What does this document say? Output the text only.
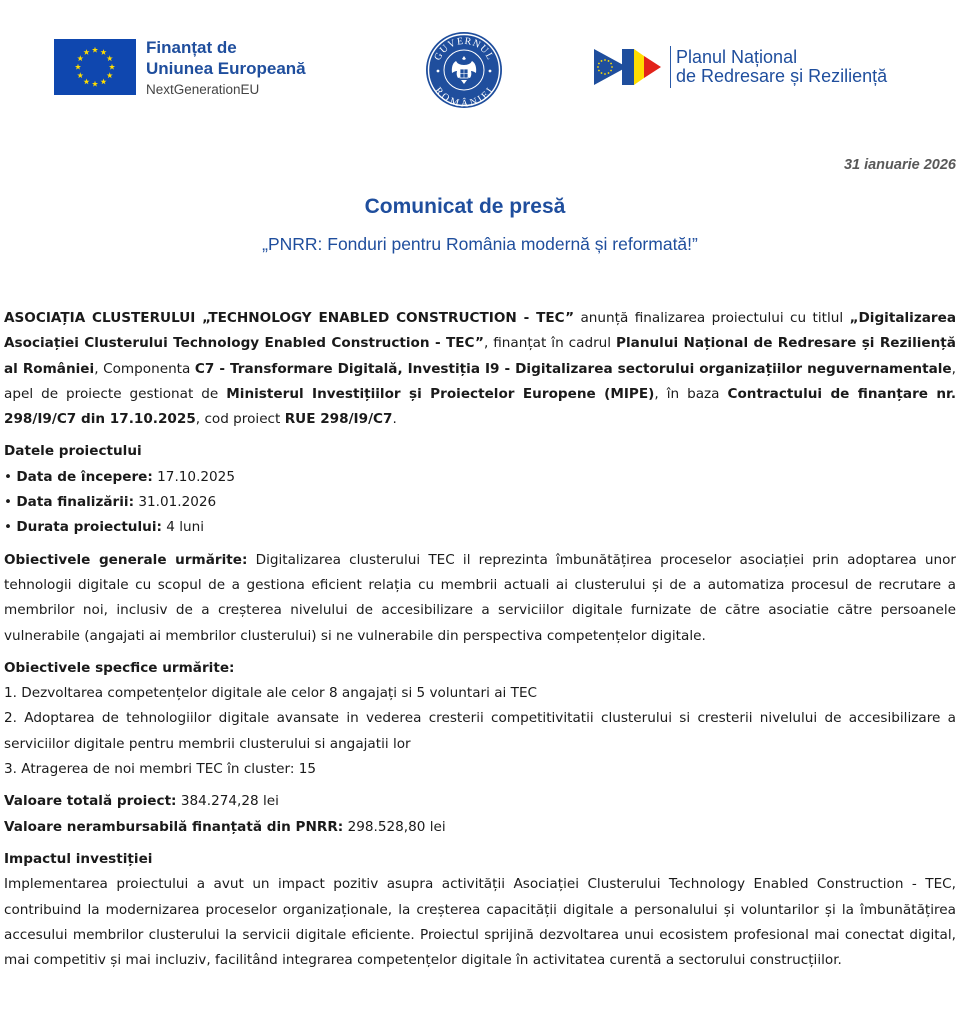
Finanțat de
Uniunea Europeană
NextGenerationEU
GUVERNUL
ROMÂNIEI
Planul Național
de Redresare și Reziliență
31 ianuarie 2026
Comunicat de presă
„PNRR: Fonduri pentru România modernă și reformată!”

ASOCIAȚIA CLUSTERULUI „TECHNOLOGY ENABLED CONSTRUCTION - TEC” anunță finalizarea proiectului cu titlul „Digitalizarea Asociației Clusterului Technology Enabled Construction - TEC”, finanțat în cadrul Planului Național de Redresare și Reziliență al României, Componenta C7 - Transformare Digitală, Investiția I9 - Digitalizarea sectorului organizațiilor neguvernamentale, apel de proiecte gestionat de Ministerul Investițiilor și Proiectelor Europene (MIPE), în baza Contractului de finanțare nr. 298/I9/C7 din 17.10.2025, cod proiect RUE 298/I9/C7.

Datele proiectului

• Data de începere: 17.10.2025

• Data finalizării: 31.01.2026

• Durata proiectului: 4 luni

Obiectivele generale urmărite: Digitalizarea clusterului TEC il reprezinta îmbunătățirea proceselor asociației prin adoptarea unor tehnologii digitale cu scopul de a gestiona eficient relația cu membrii actuali ai clusterului și de a automatiza procesul de recrutare a membrilor noi, inclusiv de a creșterea nivelului de accesibilizare a serviciilor digitale furnizate de către asociatie către persoanele vulnerabile (angajati ai membrilor clusterului) si ne vulnerabile din perspectiva competențelor digitale.

Obiectivele specfice urmărite:

1. Dezvoltarea competențelor digitale ale celor 8 angajați si 5 voluntari ai TEC

2. Adoptarea de tehnologiilor digitale avansate in vederea cresterii competitivitatii clusterului si cresterii nivelului de accesibilizare a serviciilor digitale pentru membrii clusterului si angajatii lor

3. Atragerea de noi membri TEC în cluster: 15

Valoare totală proiect: 384.274,28 lei

Valoare nerambursabilă finanțată din PNRR: 298.528,80 lei

Impactul investiției

Implementarea proiectului a avut un impact pozitiv asupra activității Asociației Clusterului Technology Enabled Construction - TEC, contribuind la modernizarea proceselor organizaționale, la creșterea capacității digitale a personalului și voluntarilor și la îmbunătățirea accesului membrilor clusterului la servicii digitale eficiente. Proiectul sprijină dezvoltarea unui ecosistem profesional mai conectat digital, mai competitiv și mai incluziv, facilitând integrarea competențelor digitale în activitatea curentă a sectorului construcțiilor.
